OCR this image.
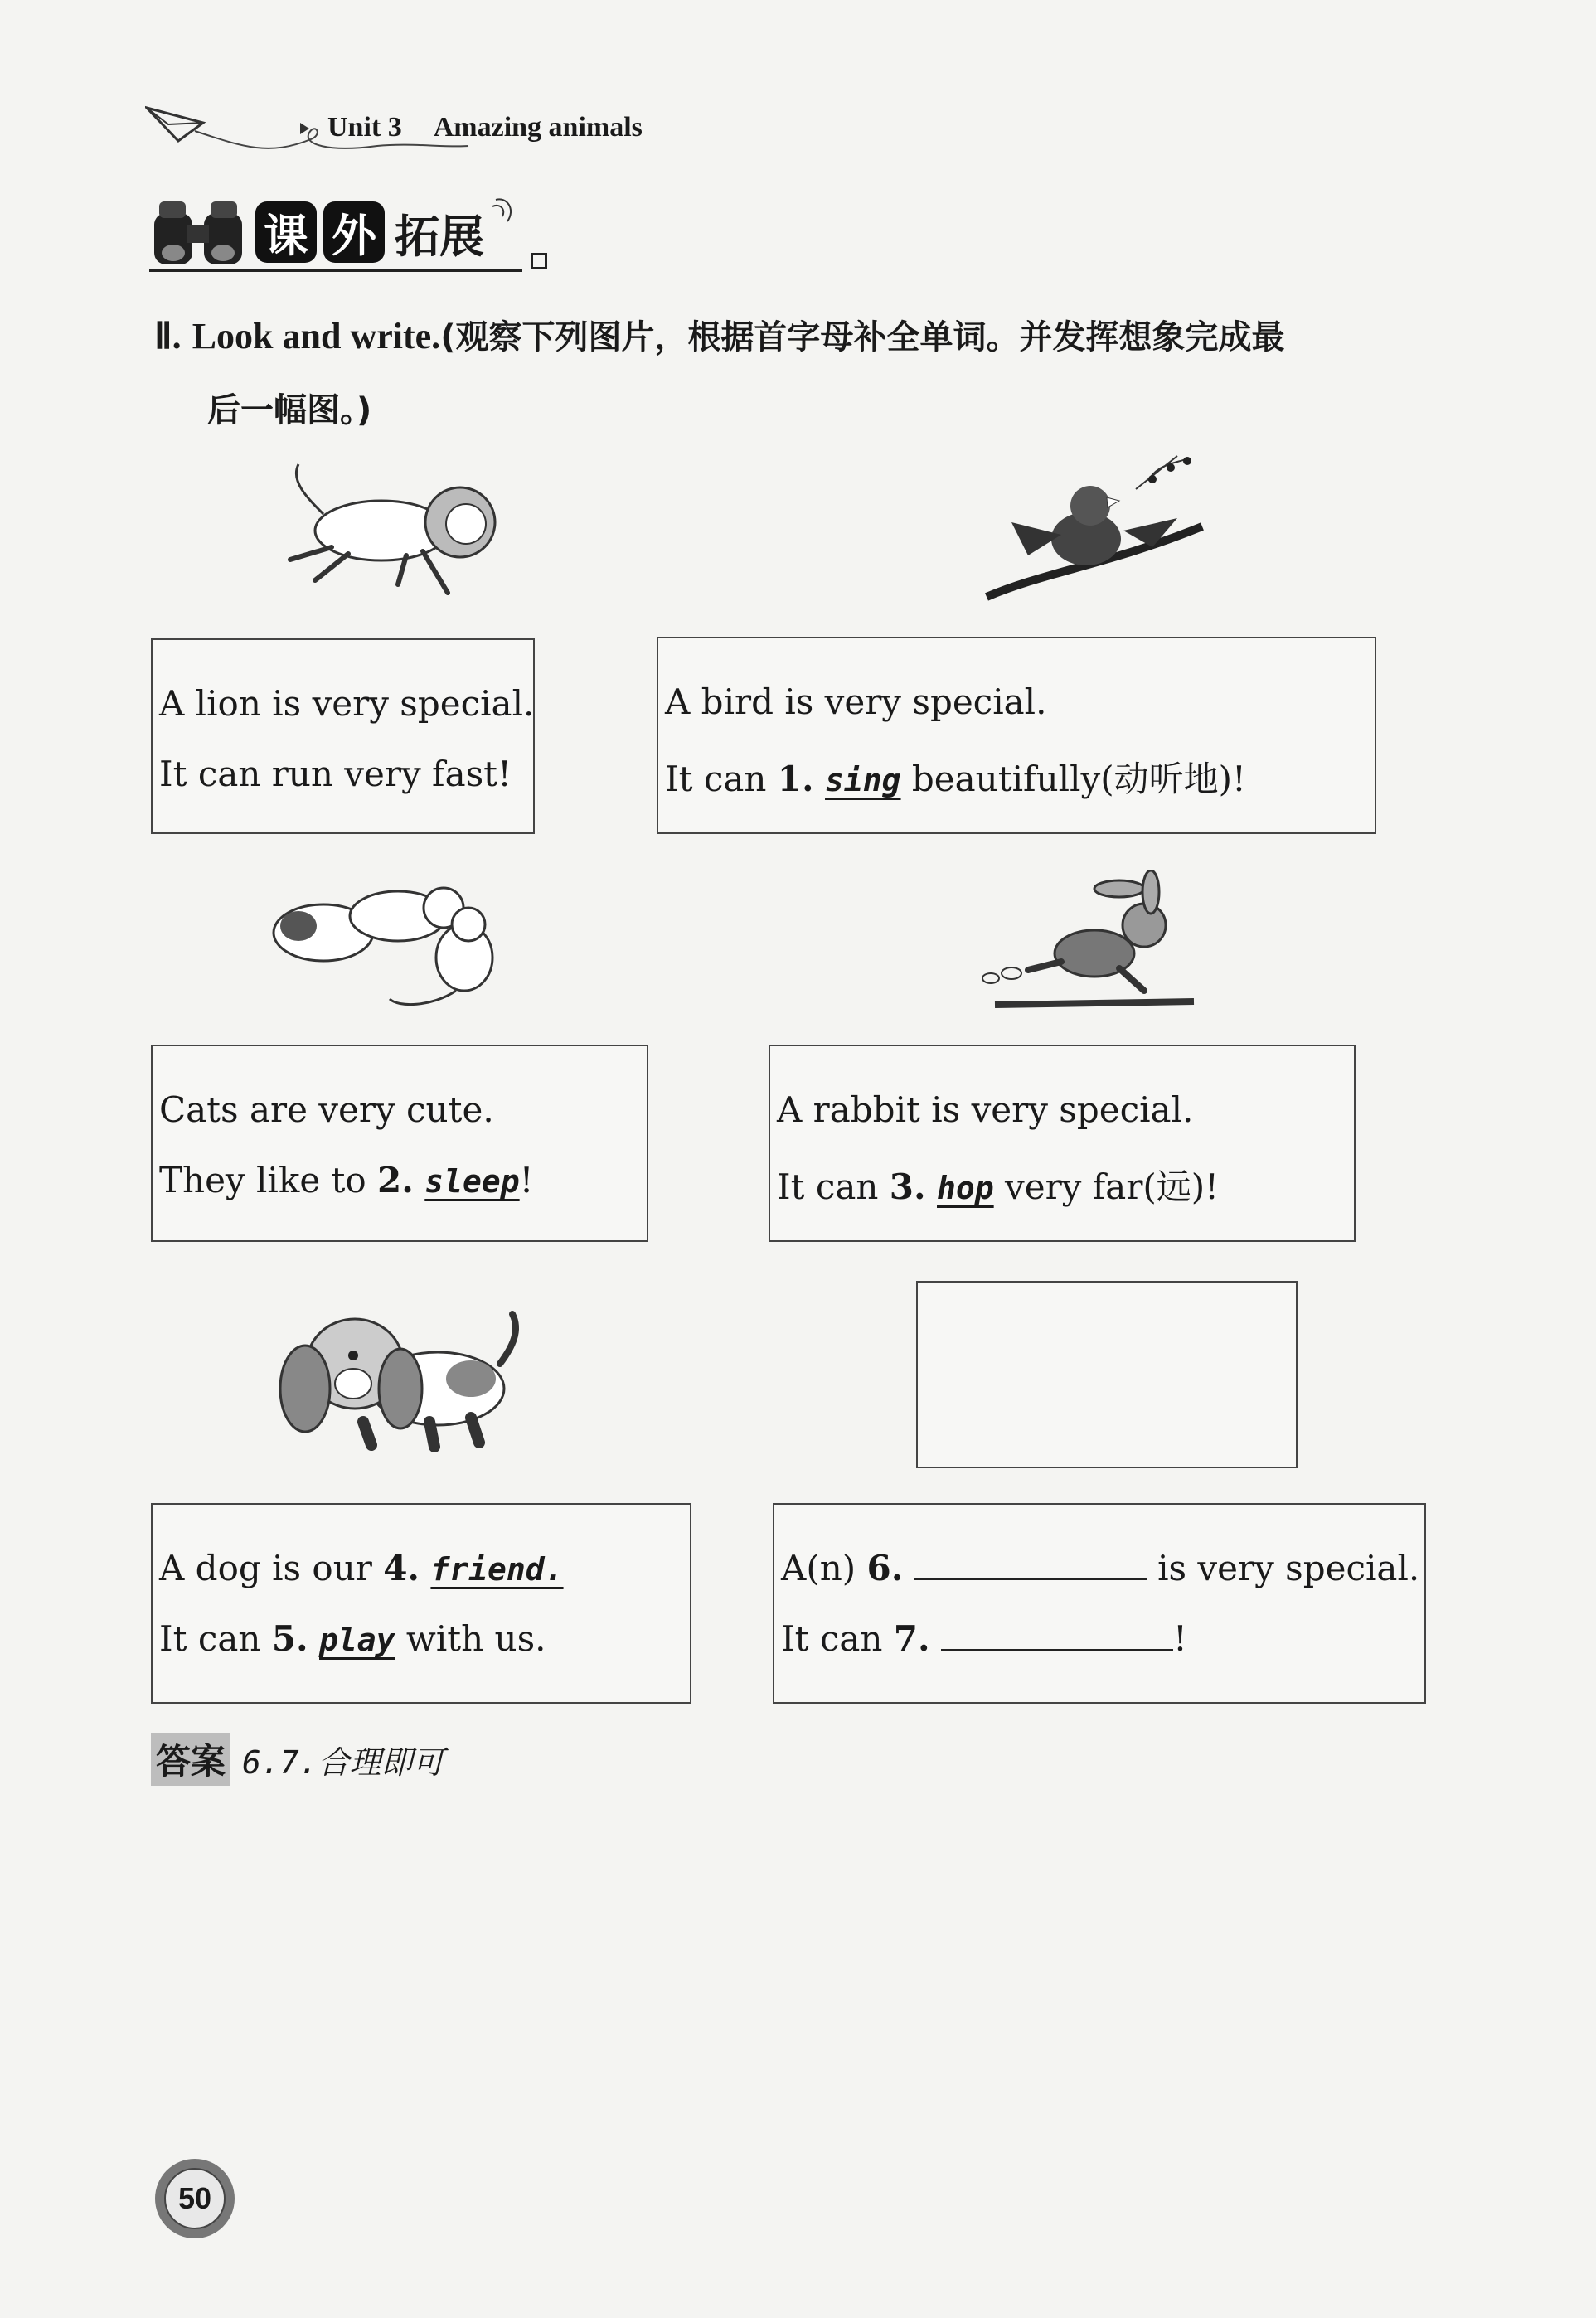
Unit 3 Amazing animals
课 外 拓展
Ⅱ. Look and write.(观察下列图片，根据首字母补全单词。并发挥想象完成最
后一幅图。)
A lion is very special.
It can run very fast!
A bird is very special.
It can 1. sing beautifully(动听地)!
Cats are very cute.
They like to 2. sleep!
A rabbit is very special.
It can 3. hop very far(远)!
A dog is our 4. friend.
It can 5. play with us.
A(n) 6.	is very special.
It can 7.	!
答案 6.7.合理即可
50
